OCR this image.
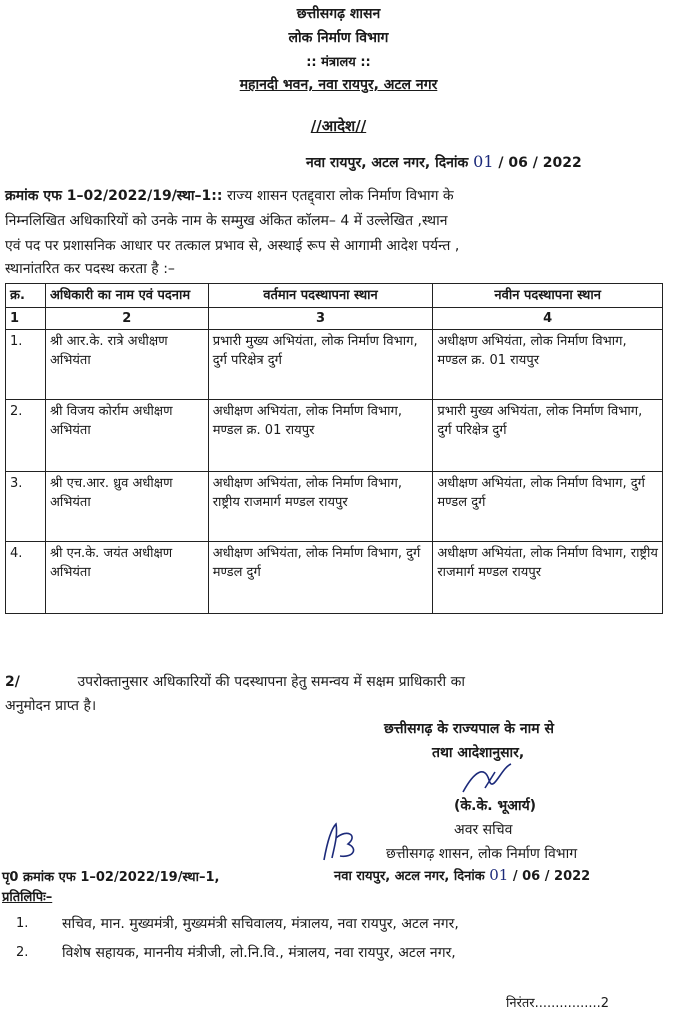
छत्तीसगढ़ शासन
लोक निर्माण विभाग
:: मंत्रालय ::
महानदी भवन, नवा रायपुर, अटल नगर
//आदेश//
नवा रायपुर, अटल नगर, दिनांक 01 / 06 / 2022
क्रमांक एफ 1–02/2022/19/स्था–1:: राज्य शासन एतद्द्वारा लोक निर्माण विभाग के
निम्नलिखित अधिकारियों को उनके नाम के सम्मुख अंकित कॉलम– 4 में उल्लेखित ,स्थान
एवं पद पर प्रशासनिक आधार पर तत्काल प्रभाव से, अस्थाई रूप से आगामी आदेश पर्यन्त ,
स्थानांतरित कर पदस्थ करता है :–
क्र.	अधिकारी का नाम एवं पदनाम	वर्तमान पदस्थापना स्थान	नवीन पदस्थापना स्थान
1	2	3	4
1.	श्री आर.के. रात्रे अधीक्षण अभियंता	प्रभारी मुख्य अभियंता, लोक निर्माण विभाग, दुर्ग परिक्षेत्र दुर्ग	अधीक्षण अभियंता, लोक निर्माण विभाग, मण्डल क्र. 01 रायपुर
2.	श्री विजय कोर्राम अधीक्षण अभियंता	अधीक्षण अभियंता, लोक निर्माण विभाग, मण्डल क्र. 01 रायपुर	प्रभारी मुख्य अभियंता, लोक निर्माण विभाग, दुर्ग परिक्षेत्र दुर्ग
3.	श्री एच.आर. ध्रुव अधीक्षण अभियंता	अधीक्षण अभियंता, लोक निर्माण विभाग, राष्ट्रीय राजमार्ग मण्डल रायपुर	अधीक्षण अभियंता, लोक निर्माण विभाग, दुर्ग मण्डल दुर्ग
4.	श्री एन.के. जयंत अधीक्षण अभियंता	अधीक्षण अभियंता, लोक निर्माण विभाग, दुर्ग मण्डल दुर्ग	अधीक्षण अभियंता, लोक निर्माण विभाग, राष्ट्रीय राजमार्ग मण्डल रायपुर
2/	उपरोक्तानुसार अधिकारियों की पदस्थापना हेतु समन्वय में सक्षम प्राधिकारी का
अनुमोदन प्राप्त है।
छत्तीसगढ़ के राज्यपाल के नाम से
तथा आदेशानुसार,
(के.के. भूआर्य)
अवर सचिव
छत्तीसगढ़ शासन, लोक निर्माण विभाग
पृ0 क्रमांक एफ 1–02/2022/19/स्था–1,	नवा रायपुर, अटल नगर, दिनांक 01 / 06 / 2022
प्रतिलिपिः–
1. सचिव, मान. मुख्यमंत्री, मुख्यमंत्री सचिवालय, मंत्रालय, नवा रायपुर, अटल नगर,
2. विशेष सहायक, माननीय मंत्रीजी, लो.नि.वि., मंत्रालय, नवा रायपुर, अटल नगर,
निरंतर................2
